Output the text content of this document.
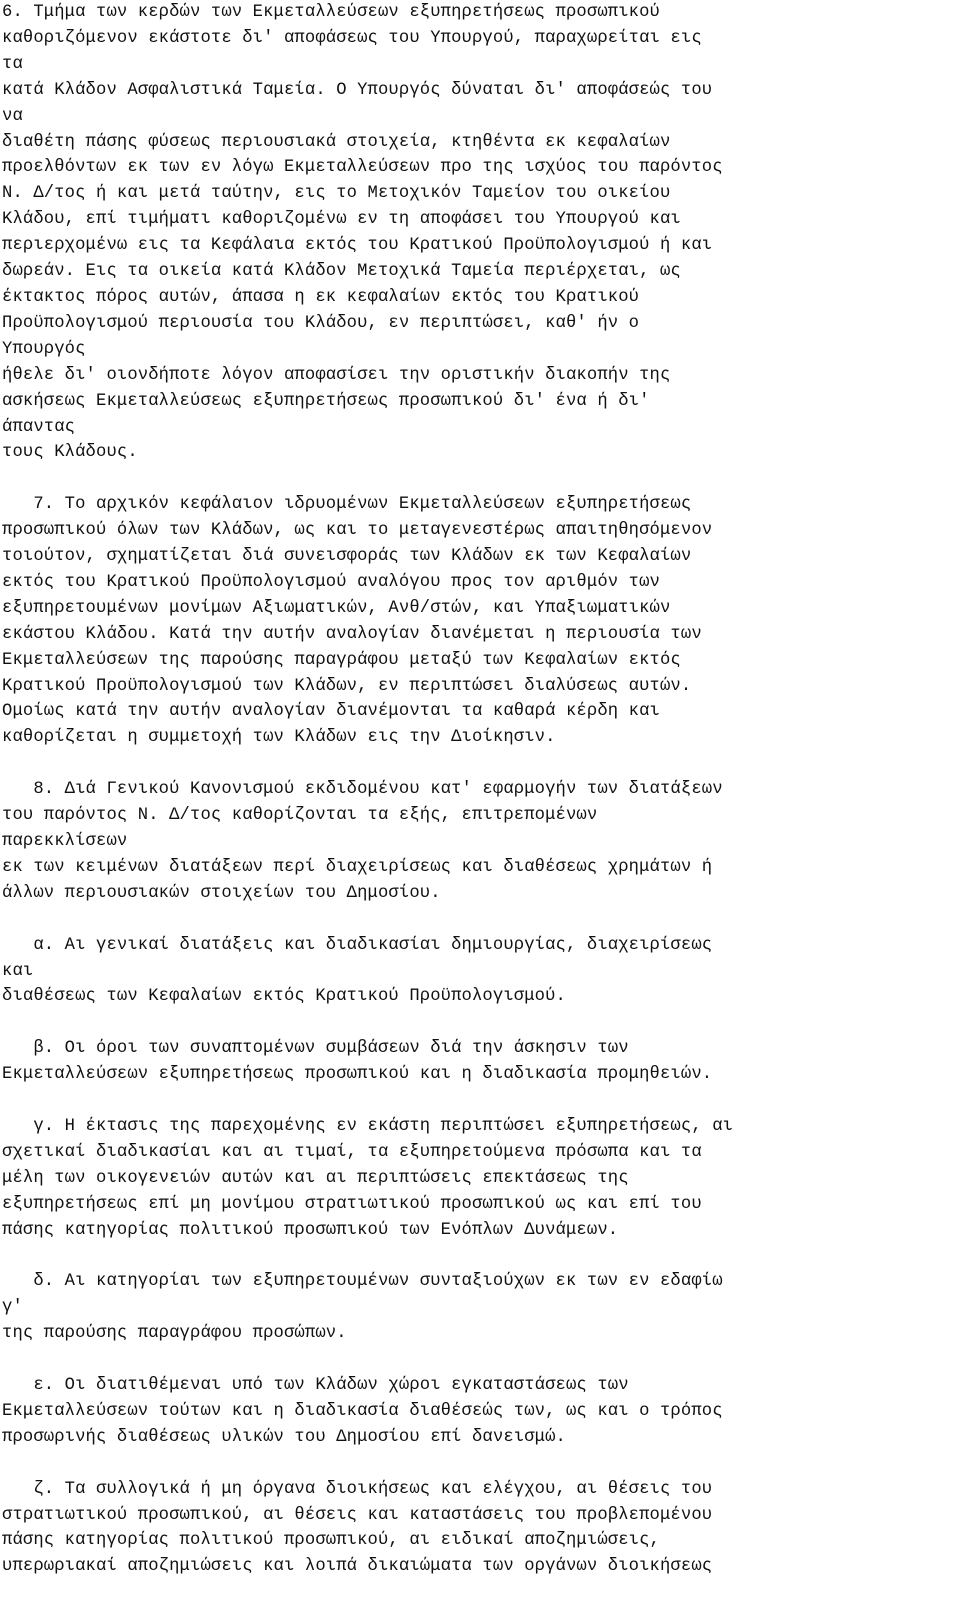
6. Τμήμα των κερδών των Εκμεταλλεύσεων εξυπηρετήσεως προσωπικού
καθοριζόμενον εκάστοτε δι' αποφάσεως του Υπουργού, παραχωρείται εις
τα
κατά Κλάδον Ασφαλιστικά Ταμεία. Ο Υπουργός δύναται δι' αποφάσεώς του
να
διαθέτη πάσης φύσεως περιουσιακά στοιχεία, κτηθέντα εκ κεφαλαίων
προελθόντων εκ των εν λόγω Εκμεταλλεύσεων προ της ισχύος του παρόντος
Ν. Δ/τος ή και μετά ταύτην, εις το Μετοχικόν Ταμείον του οικείου
Κλάδου, επί τιμήματι καθοριζομένω εν τη αποφάσει του Υπουργού και
περιερχομένω εις τα Κεφάλαια εκτός του Κρατικού Προϋπολογισμού ή και
δωρεάν. Εις τα οικεία κατά Κλάδον Μετοχικά Ταμεία περιέρχεται, ως
έκτακτος πόρος αυτών, άπασα η εκ κεφαλαίων εκτός του Κρατικού
Προϋπολογισμού περιουσία του Κλάδου, εν περιπτώσει, καθ' ήν ο
Υπουργός
ήθελε δι' οιονδήποτε λόγον αποφασίσει την οριστικήν διακοπήν της
ασκήσεως Εκμεταλλεύσεως εξυπηρετήσεως προσωπικού δι' ένα ή δι'
άπαντας
τους Κλάδους.
7. Το αρχικόν κεφάλαιον ιδρυομένων Εκμεταλλεύσεων εξυπηρετήσεως
προσωπικού όλων των Κλάδων, ως και το μεταγενεστέρως απαιτηθησόμενον
τοιούτον, σχηματίζεται διά συνεισφοράς των Κλάδων εκ των Κεφαλαίων
εκτός του Κρατικού Προϋπολογισμού αναλόγου προς τον αριθμόν των
εξυπηρετουμένων μονίμων Αξιωματικών, Ανθ/στών, και Υπαξιωματικών
εκάστου Κλάδου. Κατά την αυτήν αναλογίαν διανέμεται η περιουσία των
Εκμεταλλεύσεων της παρούσης παραγράφου μεταξύ των Κεφαλαίων εκτός
Κρατικού Προϋπολογισμού των Κλάδων, εν περιπτώσει διαλύσεως αυτών.
Ομοίως κατά την αυτήν αναλογίαν διανέμονται τα καθαρά κέρδη και
καθορίζεται η συμμετοχή των Κλάδων εις την Διοίκησιν.
8. Διά Γενικού Κανονισμού εκδιδομένου κατ' εφαρμογήν των διατάξεων
του παρόντος Ν. Δ/τος καθορίζονται τα εξής, επιτρεπομένων
παρεκκλίσεων
εκ των κειμένων διατάξεων περί διαχειρίσεως και διαθέσεως χρημάτων ή
άλλων περιουσιακών στοιχείων του Δημοσίου.
α. Αι γενικαί διατάξεις και διαδικασίαι δημιουργίας, διαχειρίσεως
και
διαθέσεως των Κεφαλαίων εκτός Κρατικού Προϋπολογισμού.
β. Οι όροι των συναπτομένων συμβάσεων διά την άσκησιν των
Εκμεταλλεύσεων εξυπηρετήσεως προσωπικού και η διαδικασία προμηθειών.
γ. Η έκτασις της παρεχομένης εν εκάστη περιπτώσει εξυπηρετήσεως, αι
σχετικαί διαδικασίαι και αι τιμαί, τα εξυπηρετούμενα πρόσωπα και τα
μέλη των οικογενειών αυτών και αι περιπτώσεις επεκτάσεως της
εξυπηρετήσεως επί μη μονίμου στρατιωτικού προσωπικού ως και επί του
πάσης κατηγορίας πολιτικού προσωπικού των Ενόπλων Δυνάμεων.
δ. Αι κατηγορίαι των εξυπηρετουμένων συνταξιούχων εκ των εν εδαφίω
γ'
της παρούσης παραγράφου προσώπων.
ε. Οι διατιθέμεναι υπό των Κλάδων χώροι εγκαταστάσεως των
Εκμεταλλεύσεων τούτων και η διαδικασία διαθέσεώς των, ως και ο τρόπος
προσωρινής διαθέσεως υλικών του Δημοσίου επί δανεισμώ.
ζ. Τα συλλογικά ή μη όργανα διοικήσεως και ελέγχου, αι θέσεις του
στρατιωτικού προσωπικού, αι θέσεις και καταστάσεις του προβλεπομένου
πάσης κατηγορίας πολιτικού προσωπικού, αι ειδικαί αποζημιώσεις,
υπερωριακαί αποζημιώσεις και λοιπά δικαιώματα των οργάνων διοικήσεως
